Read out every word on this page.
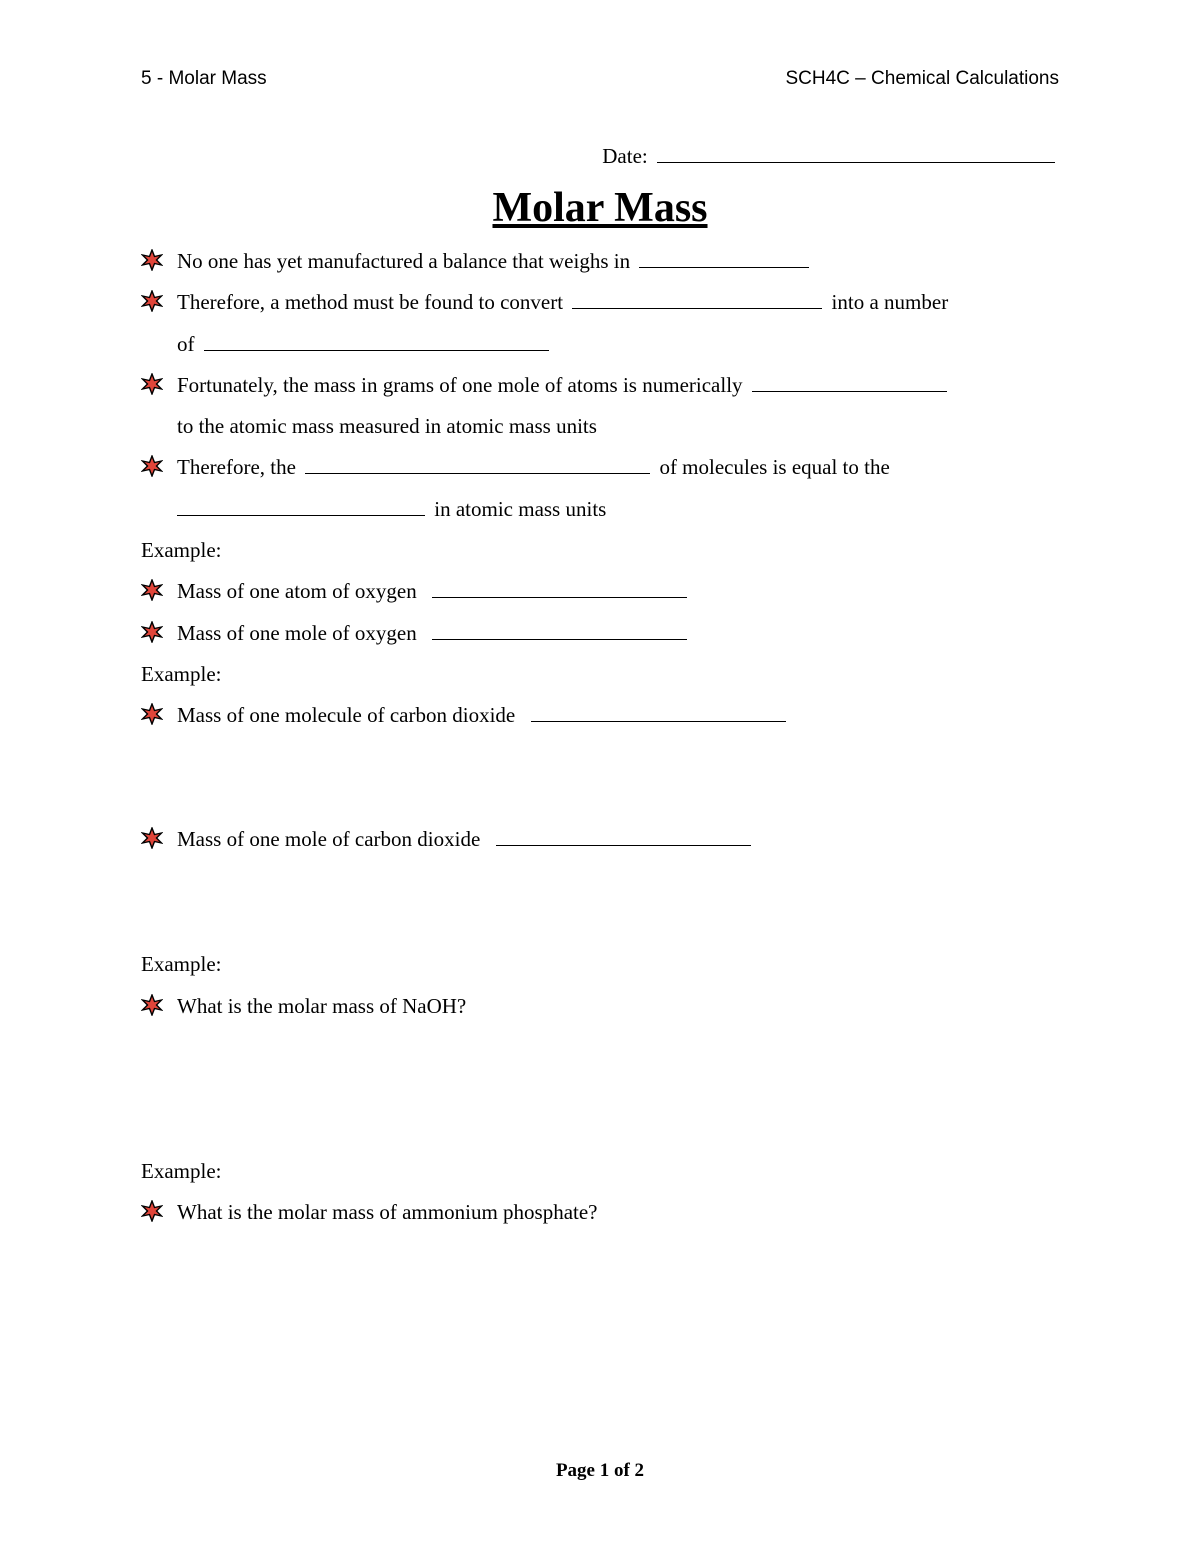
5 - Molar Mass	SCH4C – Chemical Calculations
Date:
Molar Mass
No one has yet manufactured a balance that weighs in
Therefore, a method must be found to convert	into a number
of
Fortunately, the mass in grams of one mole of atoms is numerically
to the atomic mass measured in atomic mass units
Therefore, the	of molecules is equal to the
in atomic mass units
Example:
Mass of one atom of oxygen
Mass of one mole of oxygen
Example:
Mass of one molecule of carbon dioxide
Mass of one mole of carbon dioxide
Example:
What is the molar mass of NaOH?
Example:
What is the molar mass of ammonium phosphate?
Page 1 of 2
